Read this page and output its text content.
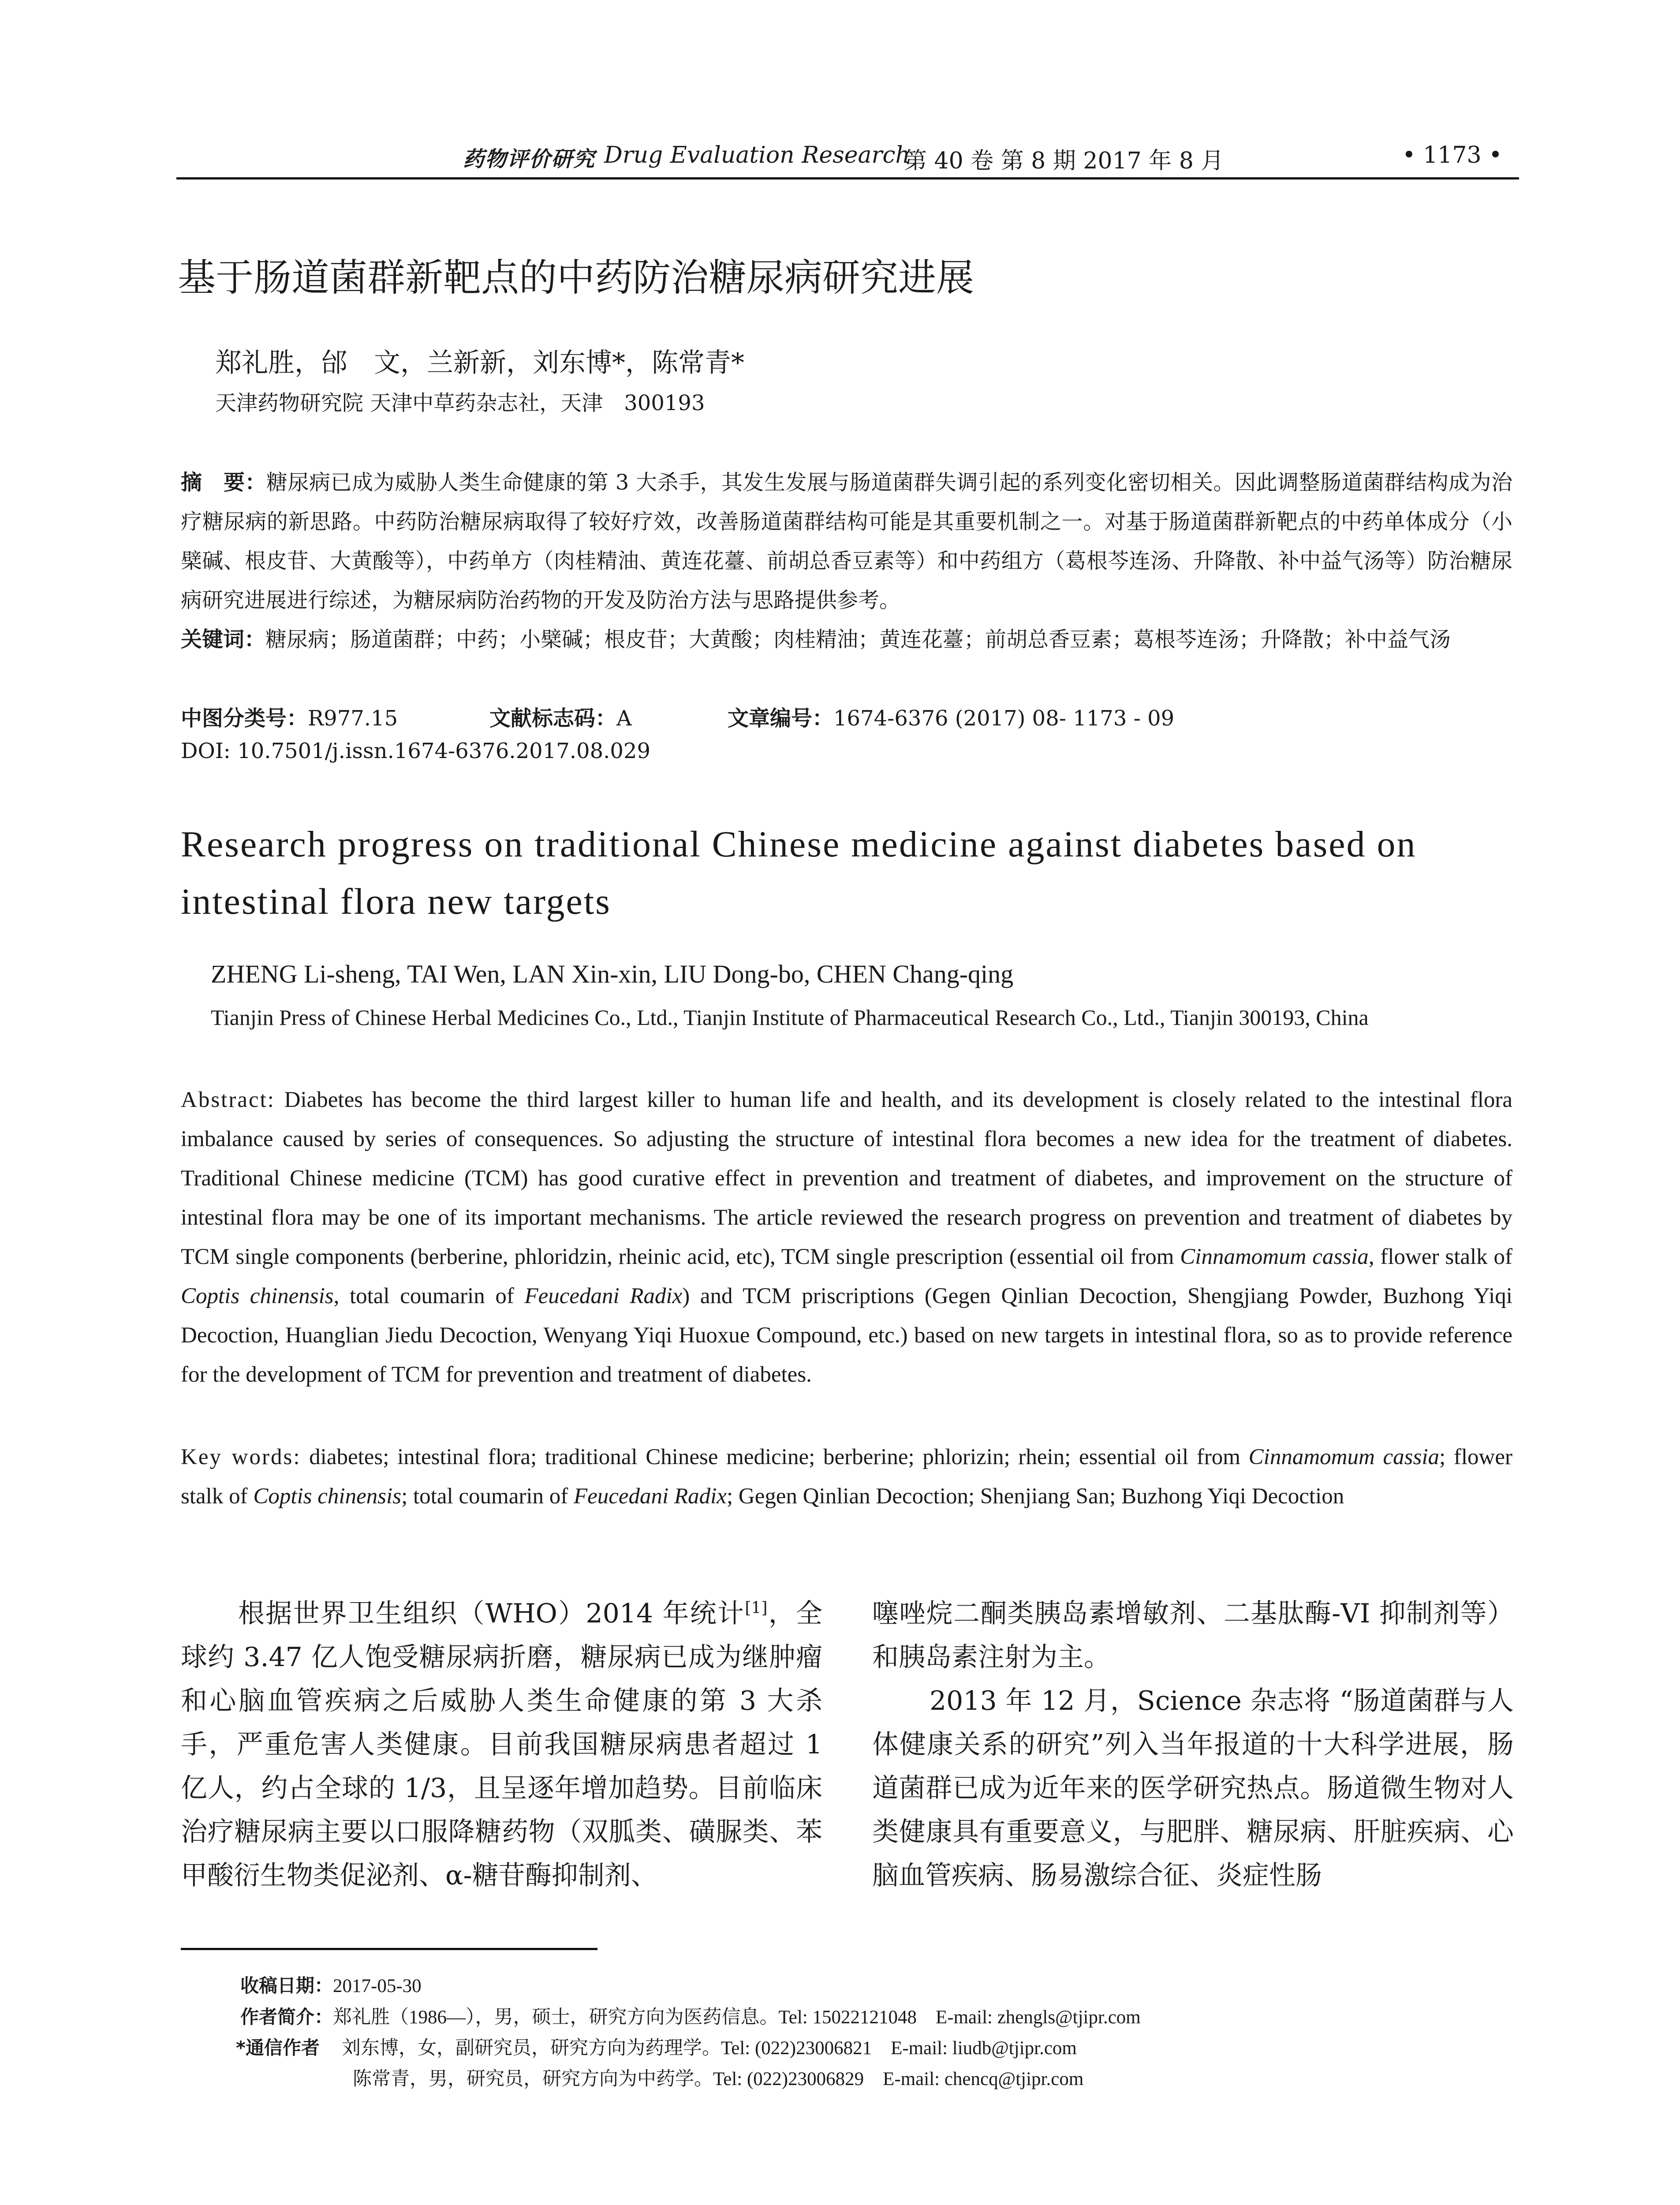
药物评价研究 Drug Evaluation Research
第 40 卷 第 8 期 2017 年 8 月	• 1173 •
基于肠道菌群新靶点的中药防治糖尿病研究进展
郑礼胜，邰　文，兰新新，刘东博*，陈常青*
天津药物研究院 天津中草药杂志社，天津　300193
摘　要：糖尿病已成为威胁人类生命健康的第 3 大杀手，其发生发展与肠道菌群失调引起的系列变化密切相关。因此调整肠道菌群结构成为治疗糖尿病的新思路。中药防治糖尿病取得了较好疗效，改善肠道菌群结构可能是其重要机制之一。对基于肠道菌群新靶点的中药单体成分（小檗碱、根皮苷、大黄酸等），中药单方（肉桂精油、黄连花薹、前胡总香豆素等）和中药组方（葛根芩连汤、升降散、补中益气汤等）防治糖尿病研究进展进行综述，为糖尿病防治药物的开发及防治方法与思路提供参考。
关键词：糖尿病；肠道菌群；中药；小檗碱；根皮苷；大黄酸；肉桂精油；黄连花薹；前胡总香豆素；葛根芩连汤；升降散；补中益气汤
中图分类号：R977.15	文献标志码：A	文章编号：1674-6376 (2017) 08- 1173 - 09
DOI: 10.7501/j.issn.1674-6376.2017.08.029
Research progress on traditional Chinese medicine against diabetes based on intestinal flora new targets
ZHENG Li-sheng, TAI Wen, LAN Xin-xin, LIU Dong-bo, CHEN Chang-qing
Tianjin Press of Chinese Herbal Medicines Co., Ltd., Tianjin Institute of Pharmaceutical Research Co., Ltd., Tianjin 300193, China
Abstract: Diabetes has become the third largest killer to human life and health, and its development is closely related to the intestinal flora imbalance caused by series of consequences. So adjusting the structure of intestinal flora becomes a new idea for the treatment of diabetes. Traditional Chinese medicine (TCM) has good curative effect in prevention and treatment of diabetes, and improvement on the structure of intestinal flora may be one of its important mechanisms. The article reviewed the research progress on prevention and treatment of diabetes by TCM single components (berberine, phloridzin, rheinic acid, etc), TCM single prescription (essential oil from Cinnamomum cassia, flower stalk of Coptis chinensis, total coumarin of Feucedani Radix) and TCM priscriptions (Gegen Qinlian Decoction, Shengjiang Powder, Buzhong Yiqi Decoction, Huanglian Jiedu Decoction, Wenyang Yiqi Huoxue Compound, etc.) based on new targets in intestinal flora, so as to provide reference for the development of TCM for prevention and treatment of diabetes.
Key words: diabetes; intestinal flora; traditional Chinese medicine; berberine; phlorizin; rhein; essential oil from Cinnamomum cassia; flower stalk of Coptis chinensis; total coumarin of Feucedani Radix; Gegen Qinlian Decoction; Shenjiang San; Buzhong Yiqi Decoction

根据世界卫生组织（WHO）2014 年统计[1]，全球约 3.47 亿人饱受糖尿病折磨，糖尿病已成为继肿瘤和心脑血管疾病之后威胁人类生命健康的第 3 大杀手，严重危害人类健康。目前我国糖尿病患者超过 1 亿人，约占全球的 1/3，且呈逐年增加趋势。目前临床治疗糖尿病主要以口服降糖药物（双胍类、磺脲类、苯甲酸衍生物类促泌剂、α-糖苷酶抑制剂、

噻唑烷二酮类胰岛素增敏剂、二基肽酶-VI 抑制剂等）和胰岛素注射为主。

2013 年 12 月，Science 杂志将 “肠道菌群与人体健康关系的研究”列入当年报道的十大科学进展，肠道菌群已成为近年来的医学研究热点。肠道微生物对人类健康具有重要意义，与肥胖、糖尿病、肝脏疾病、心脑血管疾病、肠易激综合征、炎症性肠

收稿日期：2017-05-30
作者简介：郑礼胜（1986—），男，硕士，研究方向为医药信息。Tel: 15022121048　E-mail: zhengls@tjipr.com
*通信作者 刘东博，女，副研究员，研究方向为药理学。Tel: (022)23006821　E-mail: liudb@tjipr.com
陈常青，男，研究员，研究方向为中药学。Tel: (022)23006829　E-mail: chencq@tjipr.com
